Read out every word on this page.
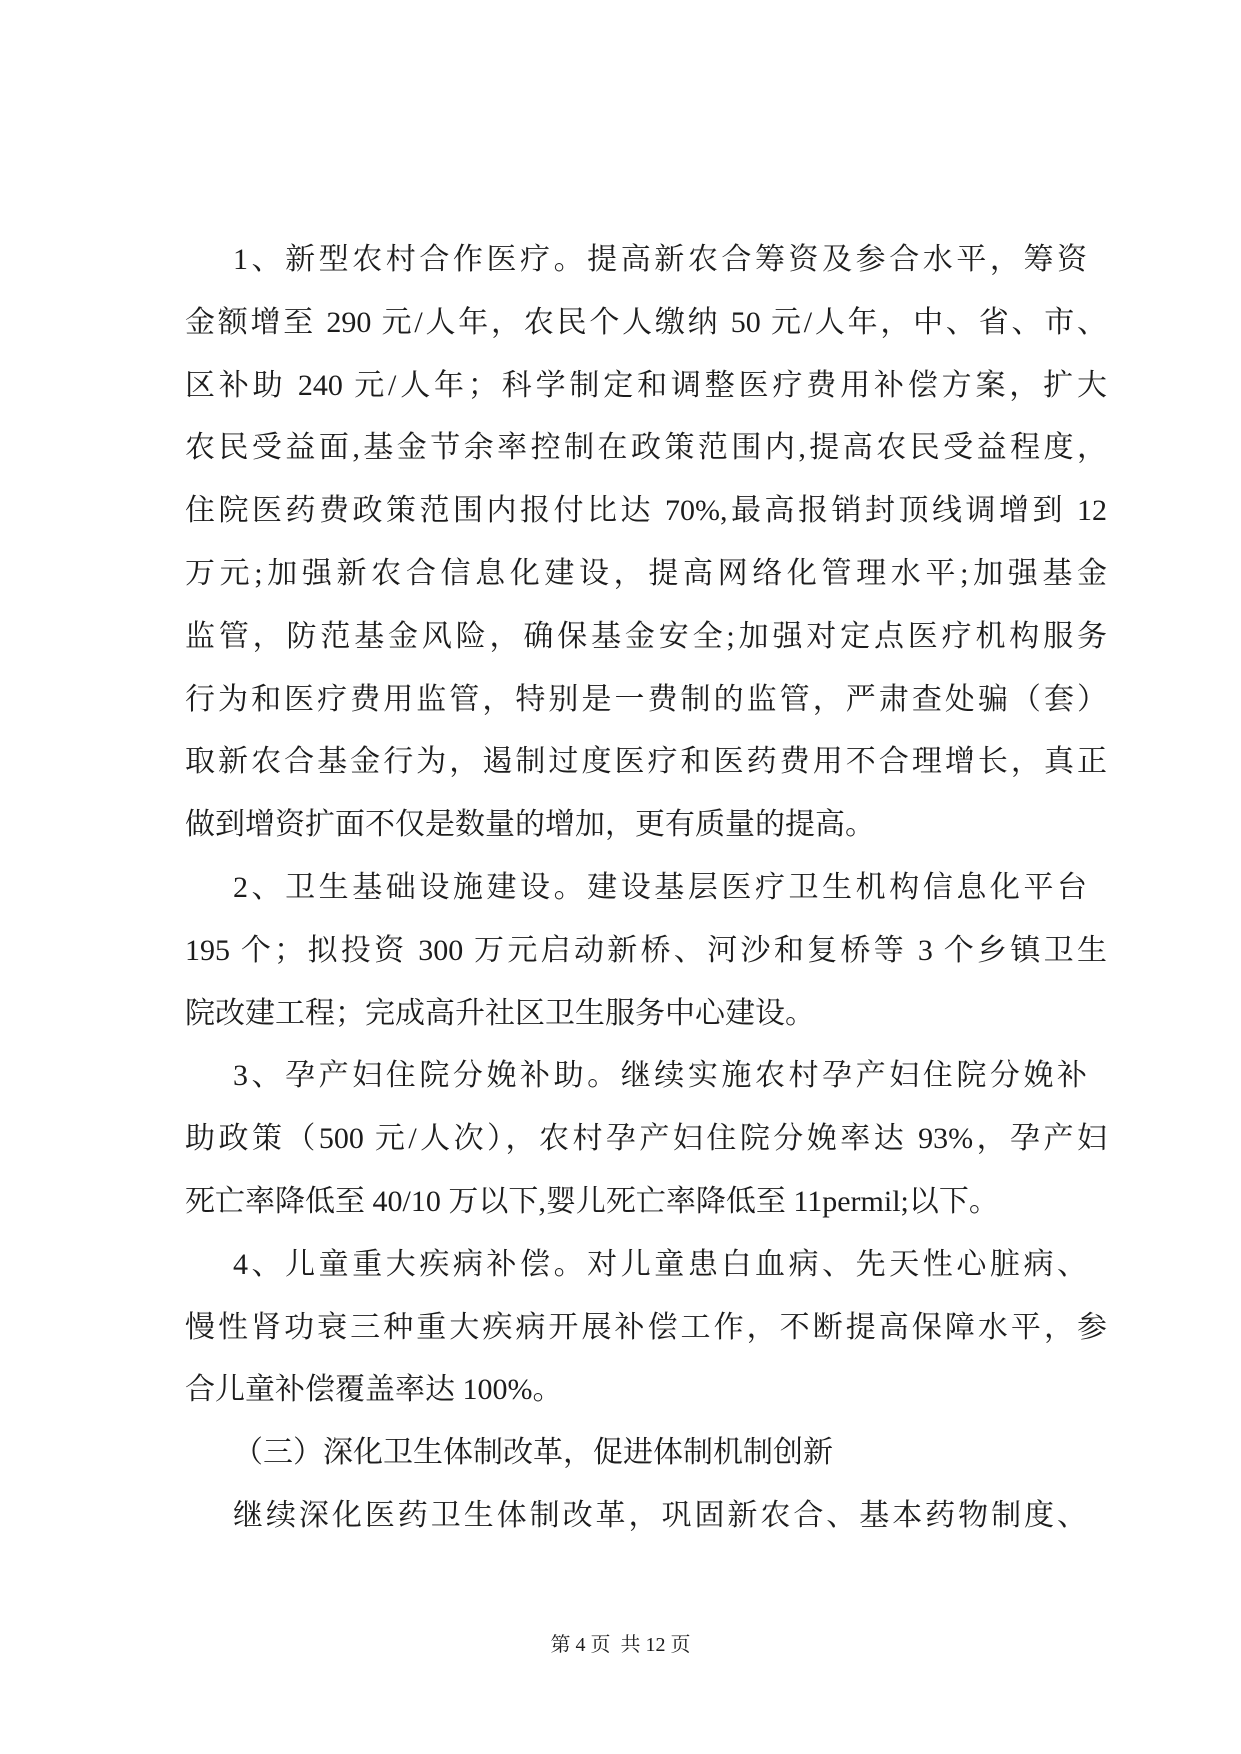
1、新型农村合作医疗。提高新农合筹资及参合水平，筹资
金额增至 290 元/人年，农民个人缴纳 50 元/人年，中、省、市、
区补助 240 元/人年；科学制定和调整医疗费用补偿方案，扩大
农民受益面,基金节余率控制在政策范围内,提高农民受益程度，
住院医药费政策范围内报付比达 70%,最高报销封顶线调增到 12
万元;加强新农合信息化建设，提高网络化管理水平;加强基金
监管，防范基金风险，确保基金安全;加强对定点医疗机构服务
行为和医疗费用监管，特别是一费制的监管，严肃查处骗（套）
取新农合基金行为，遏制过度医疗和医药费用不合理增长，真正
做到增资扩面不仅是数量的增加，更有质量的提高。
2、卫生基础设施建设。建设基层医疗卫生机构信息化平台
195 个；拟投资 300 万元启动新桥、河沙和复桥等 3 个乡镇卫生
院改建工程；完成高升社区卫生服务中心建设。
3、孕产妇住院分娩补助。继续实施农村孕产妇住院分娩补
助政策（500 元/人次），农村孕产妇住院分娩率达 93%，孕产妇
死亡率降低至 40/10 万以下,婴儿死亡率降低至 11permil;以下。
4、儿童重大疾病补偿。对儿童患白血病、先天性心脏病、
慢性肾功衰三种重大疾病开展补偿工作，不断提高保障水平，参
合儿童补偿覆盖率达 100%。
（三）深化卫生体制改革，促进体制机制创新
继续深化医药卫生体制改革，巩固新农合、基本药物制度、
第 4 页  共 12 页
